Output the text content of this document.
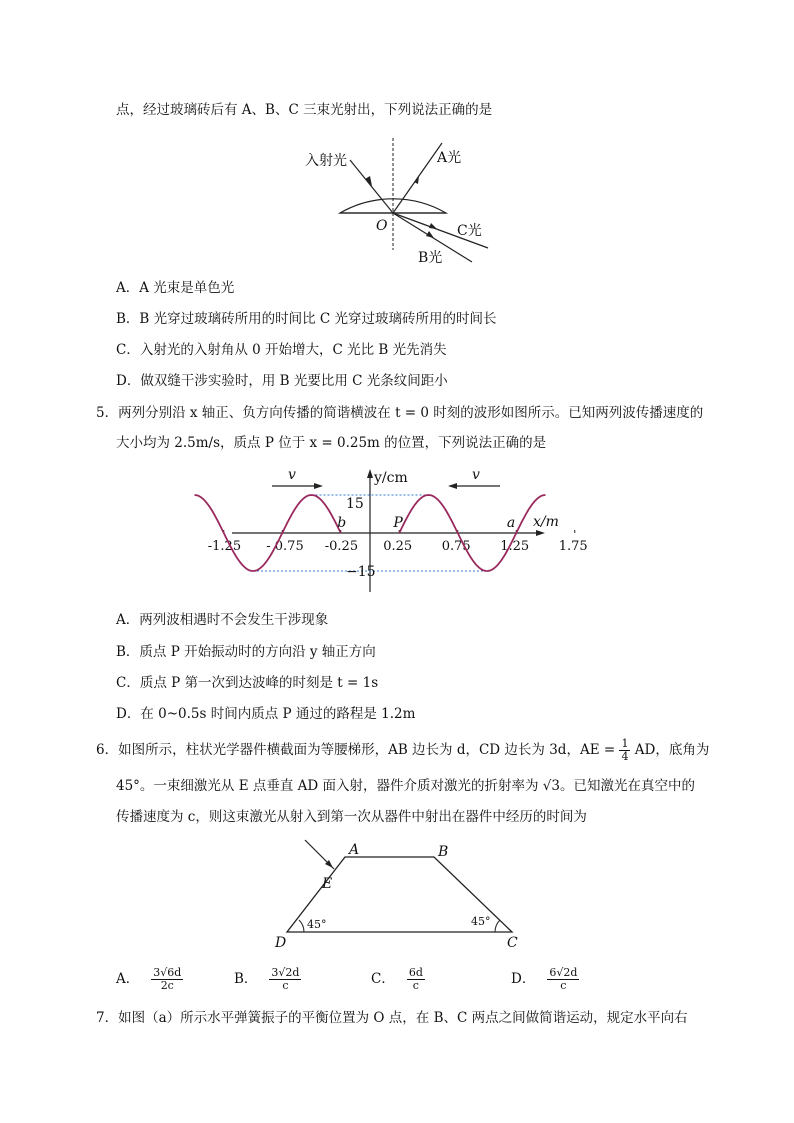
点，经过玻璃砖后有 A、B、C 三束光射出，下列说法正确的是
入射光	A光
C光
B光
O
A．A 光束是单色光
B．B 光穿过玻璃砖所用的时间比 C 光穿过玻璃砖所用的时间长
C．入射光的入射角从 0 开始增大，C 光比 B 光先消失
D．做双缝干涉实验时，用 B 光要比用 C 光条纹间距小
5．两列分别沿 x 轴正、负方向传播的简谐横波在 t = 0 时刻的波形如图所示。已知两列波传播速度的
大小均为 2.5m/s，质点 P 位于 x = 0.25m 的位置，下列说法正确的是
y/cm
x/m
15
−15
-1.25 - 0.75 -0.25 0.25 0.75 1.25 1.75
b	P	a
v	v
A．两列波相遇时不会发生干涉现象
B．质点 P 开始振动时的方向沿 y 轴正方向
C．质点 P 第一次到达波峰的时刻是 t = 1s
D．在 0~0.5s 时间内质点 P 通过的路程是 1.2m
6．如图所示，柱状光学器件横截面为等腰梯形，AB 边长为 d，CD 边长为 3d，AE = $\frac{1}{4}$ AD，底角为
45°。一束细激光从 E 点垂直 AD 面入射，器件介质对激光的折射率为 √3。已知激光在真空中的
传播速度为 c，则这束激光从射入到第一次从器件中射出在器件中经历的时间为
A	B
E
D	C
45°	45°
A． $\frac{3√6d}{2c}$	B． $\frac{3√2d}{c}$	C． $\frac{6d}{c}$	D． $\frac{6√2d}{c}$
7．如图（a）所示水平弹簧振子的平衡位置为 O 点，在 B、C 两点之间做简谐运动，规定水平向右
